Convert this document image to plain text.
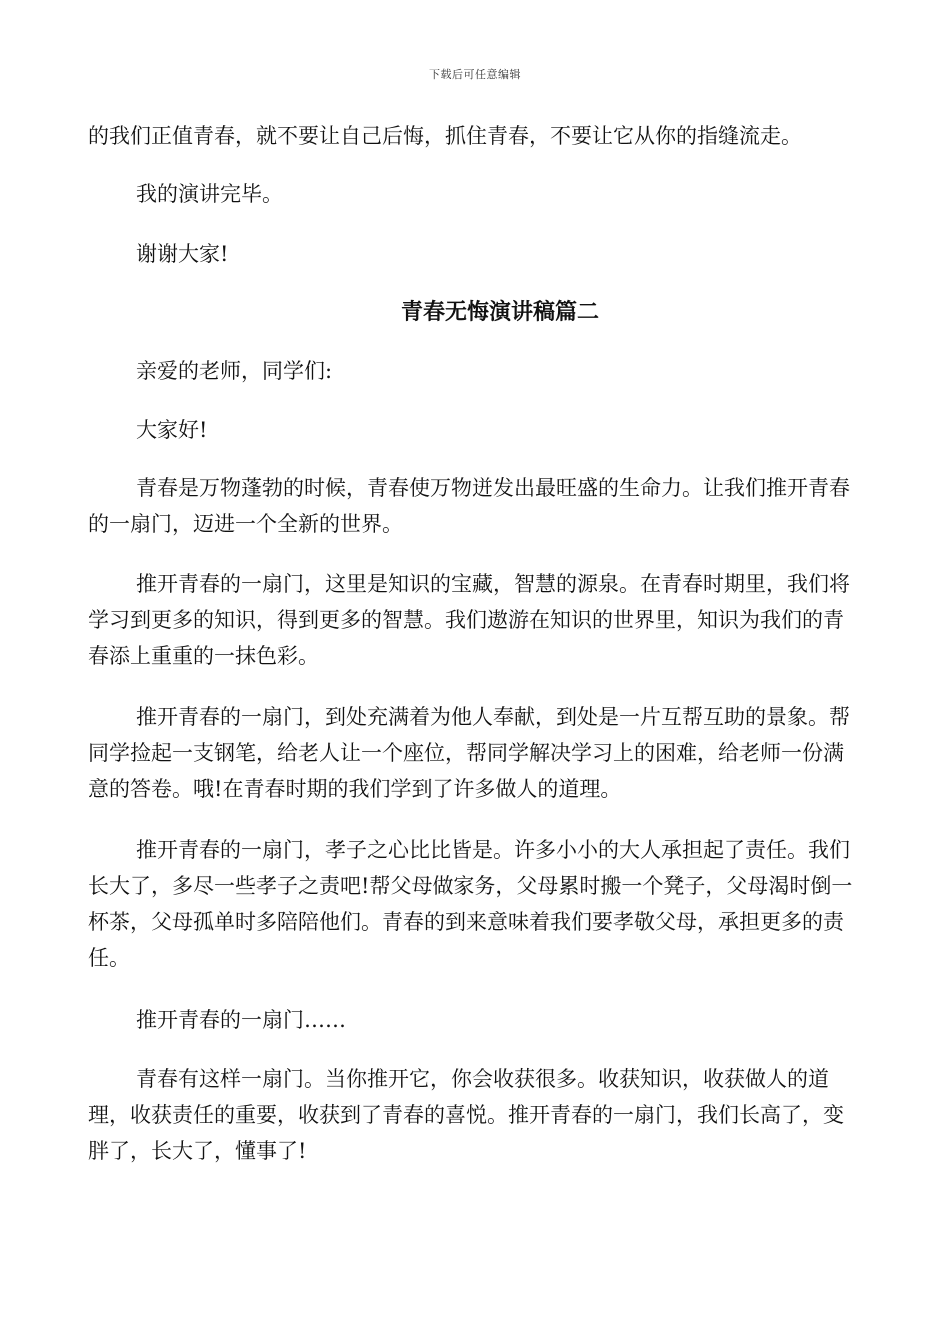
下载后可任意编辑

的我们正值青春，就不要让自己后悔，抓住青春，不要让它从你的指缝流走。

我的演讲完毕。

谢谢大家!

青春无悔演讲稿篇二

亲爱的老师，同学们:

大家好!

青春是万物蓬勃的时候，青春使万物迸发出最旺盛的生命力。让我们推开青春的一扇门，迈进一个全新的世界。

推开青春的一扇门，这里是知识的宝藏，智慧的源泉。在青春时期里，我们将学习到更多的知识，得到更多的智慧。我们遨游在知识的世界里，知识为我们的青春添上重重的一抹色彩。

推开青春的一扇门，到处充满着为他人奉献，到处是一片互帮互助的景象。帮同学捡起一支钢笔，给老人让一个座位，帮同学解决学习上的困难，给老师一份满意的答卷。哦!在青春时期的我们学到了许多做人的道理。

推开青春的一扇门，孝子之心比比皆是。许多小小的大人承担起了责任。我们长大了，多尽一些孝子之责吧!帮父母做家务，父母累时搬一个凳子，父母渴时倒一杯茶，父母孤单时多陪陪他们。青春的到来意味着我们要孝敬父母，承担更多的责任。

推开青春的一扇门……

青春有这样一扇门。当你推开它，你会收获很多。收获知识，收获做人的道理，收获责任的重要，收获到了青春的喜悦。推开青春的一扇门，我们长高了，变胖了，长大了，懂事了!
